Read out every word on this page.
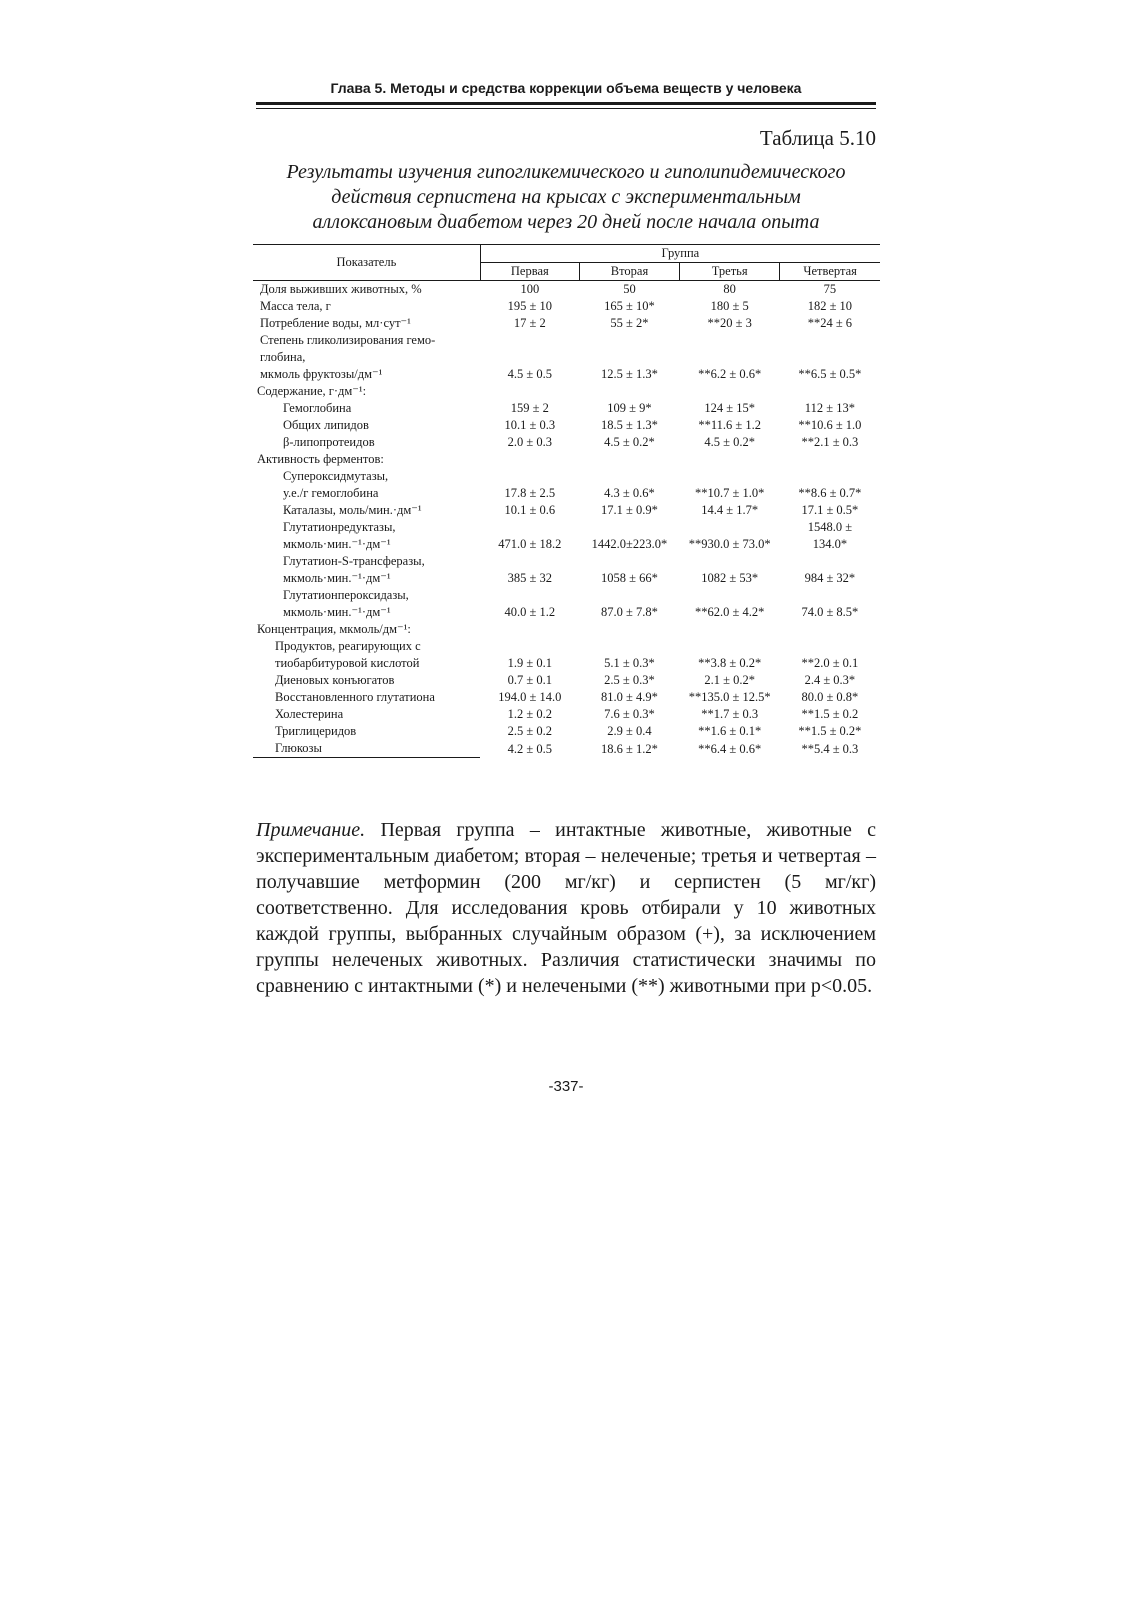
Глава 5. Методы и средства коррекции объема веществ у человека
Таблица 5.10
Результаты изучения гипогликемического и гиполипидемического
действия серпистена на крысах с экспериментальным
аллоксановым диабетом через 20 дней после начала опыта
Показатель	Группа			
	Первая	Вторая	Третья	Четвертая
Доля выживших животных, %	100	50	80	75
Масса тела, г	195 ± 10	165 ± 10*	180 ± 5	182 ± 10
Потребление воды, мл·сут⁻¹	17 ± 2	55 ± 2*	**20 ± 3	**24 ± 6
Степень гликолизирования гемо-
глобина,
мкмоль фруктозы/дм⁻¹	4.5 ± 0.5	12.5 ± 1.3*	**6.2 ± 0.6*	**6.5 ± 0.5*
Содержание, г·дм⁻¹:				
Гемоглобина	159 ± 2	109 ± 9*	124 ± 15*	112 ± 13*
Общих липидов	10.1 ± 0.3	18.5 ± 1.3*	**11.6 ± 1.2	**10.6 ± 1.0
β-липопротеидов	2.0 ± 0.3	4.5 ± 0.2*	4.5 ± 0.2*	**2.1 ± 0.3
Активность ферментов:				
Супероксидмутазы,
у.е./г гемоглобина	17.8 ± 2.5	4.3 ± 0.6*	**10.7 ± 1.0*	**8.6 ± 0.7*
Каталазы, моль/мин.·дм⁻¹	10.1 ± 0.6	17.1 ± 0.9*	14.4 ± 1.7*	17.1 ± 0.5*
Глутатионредуктазы,
мкмоль·мин.⁻¹·дм⁻¹	471.0 ± 18.2	1442.0±223.0*	**930.0 ± 73.0*	1548.0 ±
134.0*
Глутатион-S-трансферазы,
мкмоль·мин.⁻¹·дм⁻¹	385 ± 32	1058 ± 66*	1082 ± 53*	984 ± 32*
Глутатионпероксидазы,
мкмоль·мин.⁻¹·дм⁻¹	40.0 ± 1.2	87.0 ± 7.8*	**62.0 ± 4.2*	74.0 ± 8.5*
Концентрация, мкмоль/дм⁻¹:				
Продуктов, реагирующих с
тиобарбитуровой кислотой	1.9 ± 0.1	5.1 ± 0.3*	**3.8 ± 0.2*	**2.0 ± 0.1
Диеновых конъюгатов	0.7 ± 0.1	2.5 ± 0.3*	2.1 ± 0.2*	2.4 ± 0.3*
Восстановленного глутатиона	194.0 ± 14.0	81.0 ± 4.9*	**135.0 ± 12.5*	80.0 ± 0.8*
Холестерина	1.2 ± 0.2	7.6 ± 0.3*	**1.7 ± 0.3	**1.5 ± 0.2
Триглицеридов	2.5 ± 0.2	2.9 ± 0.4	**1.6 ± 0.1*	**1.5 ± 0.2*
Глюкозы	4.2 ± 0.5	18.6 ± 1.2*	**6.4 ± 0.6*	**5.4 ± 0.3
Примечание. Первая группа – интактные животные, животные с экспериментальным диабетом; вторая – нелеченые; третья и четвертая – получавшие метформин (200 мг/кг) и серпистен (5 мг/кг) соответственно. Для исследования кровь отбирали у 10 животных каждой группы, выбранных случайным образом (+), за исключением группы нелеченых животных. Различия статистически значимы по сравнению с интактными (*) и нелечеными (**) животными при р<0.05.
-337-
